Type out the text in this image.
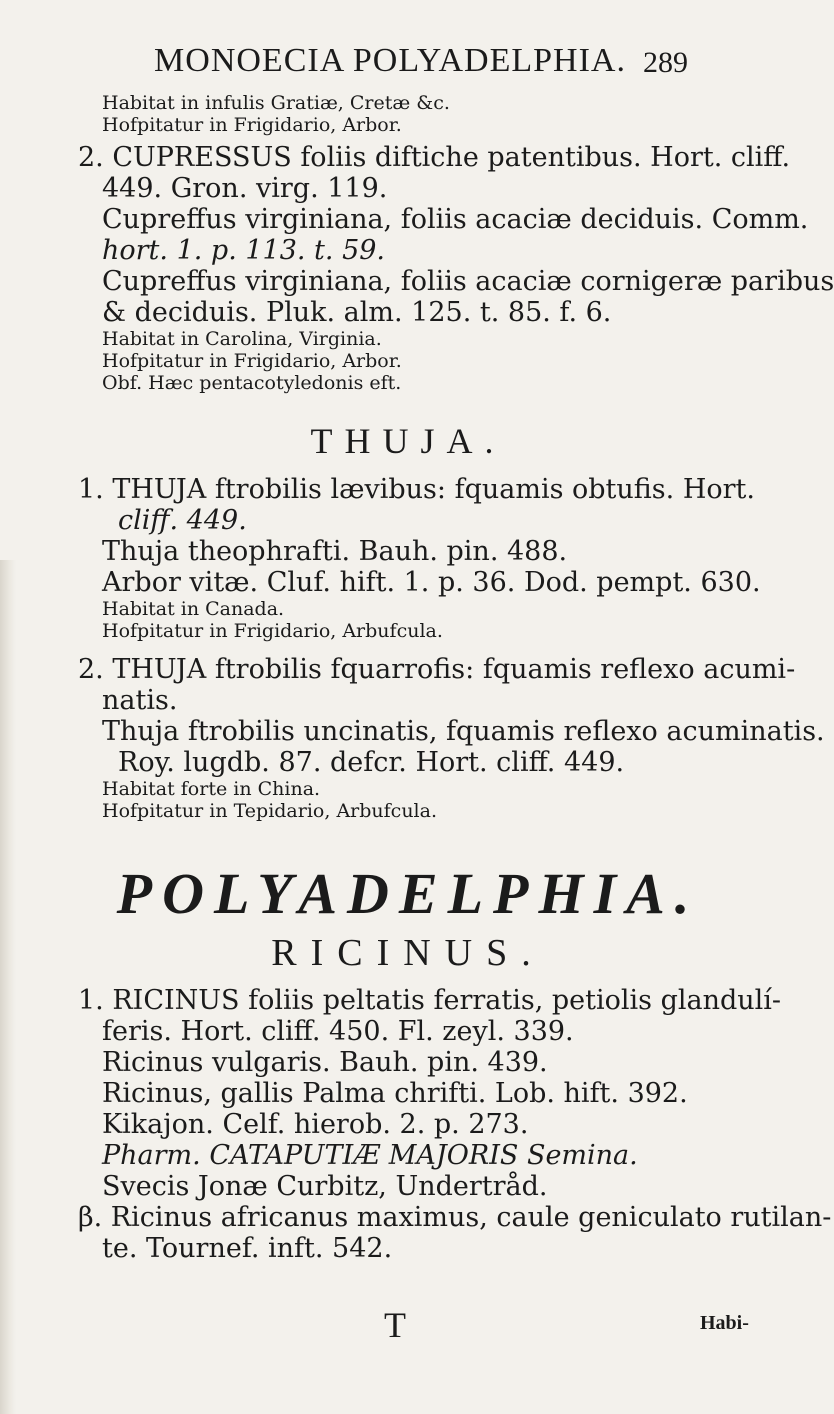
MONOECIA POLYADELPHIA. 289
Habitat in infulis Gratiæ, Cretæ &c.
Hofpitatur in Frigidario, Arbor.
2. CUPRESSUS foliis diftiche patentibus. Hort. cliff.
449. Gron. virg. 119.
Cupreffus virginiana, foliis acaciæ deciduis. Comm.
hort. 1. p. 113. t. 59.
Cupreffus virginiana, foliis acaciæ cornigeræ paribus
& deciduis. Pluk. alm. 125. t. 85. f. 6.
Habitat in Carolina, Virginia.
Hofpitatur in Frigidario, Arbor.
Obf. Hæc pentacotyledonis eft.
THUJA.
1. THUJA ftrobilis lævibus: fquamis obtufis. Hort.
cliff. 449.
Thuja theophrafti. Bauh. pin. 488.
Arbor vitæ. Cluf. hift. 1. p. 36. Dod. pempt. 630.
Habitat in Canada.
Hofpitatur in Frigidario, Arbufcula.
2. THUJA ftrobilis fquarrofis: fquamis reflexo acumi-
natis.
Thuja ftrobilis uncinatis, fquamis reflexo acuminatis.
Roy. lugdb. 87. defcr. Hort. cliff. 449.
Habitat forte in China.
Hofpitatur in Tepidario, Arbufcula.
POLYADELPHIA.
RICINUS.
1. RICINUS foliis peltatis ferratis, petiolis glandulí-
feris. Hort. cliff. 450. Fl. zeyl. 339.
Ricinus vulgaris. Bauh. pin. 439.
Ricinus, gallis Palma chrifti. Lob. hift. 392.
Kikajon. Celf. hierob. 2. p. 273.
Pharm. CATAPUTIÆ MAJORIS Semina.
Svecis Jonæ Curbitz, Undertråd.
β. Ricinus africanus maximus, caule geniculato rutilan-
te. Tournef. inft. 542.
T	Habi-
